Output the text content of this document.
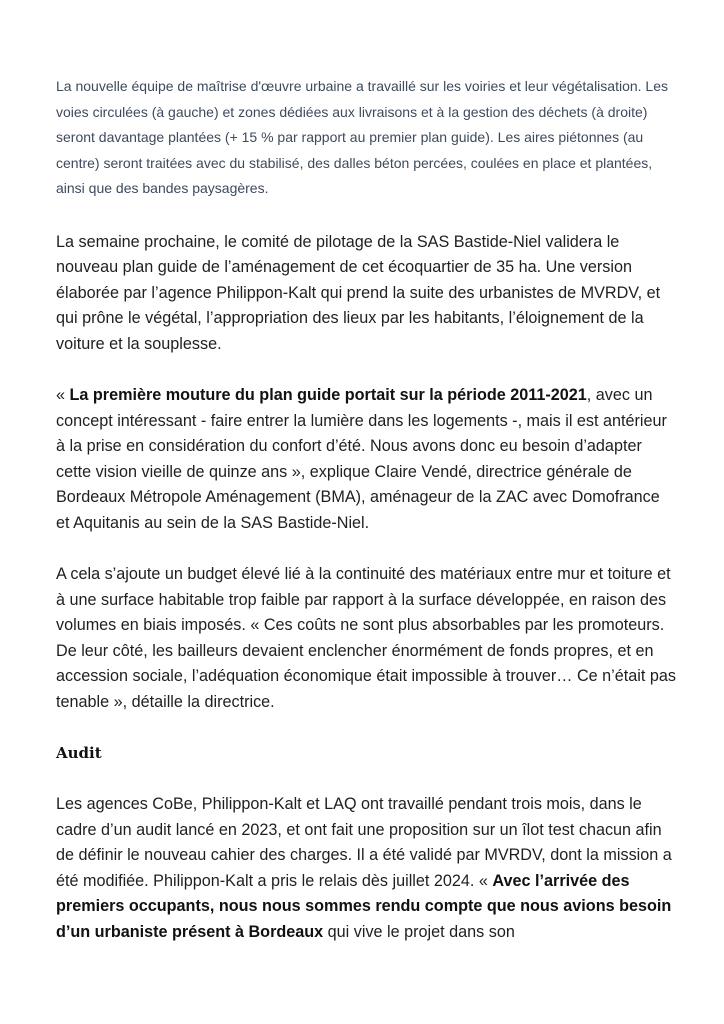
La nouvelle équipe de maîtrise d'œuvre urbaine a travaillé sur les voiries et leur végétalisation. Les voies circulées (à gauche) et zones dédiées aux livraisons et à la gestion des déchets (à droite) seront davantage plantées (+ 15 % par rapport au premier plan guide). Les aires piétonnes (au centre) seront traitées avec du stabilisé, des dalles béton percées, coulées en place et plantées, ainsi que des bandes paysagères.

La semaine prochaine, le comité de pilotage de la SAS Bastide-Niel validera le nouveau plan guide de l’aménagement de cet écoquartier de 35 ha. Une version élaborée par l’agence Philippon-Kalt qui prend la suite des urbanistes de MVRDV, et qui prône le végétal, l’appropriation des lieux par les habitants, l’éloignement de la voiture et la souplesse.

« La première mouture du plan guide portait sur la période 2011-2021, avec un concept intéressant - faire entrer la lumière dans les logements -, mais il est antérieur à la prise en considération du confort d’été. Nous avons donc eu besoin d’adapter cette vision vieille de quinze ans », explique Claire Vendé, directrice générale de Bordeaux Métropole Aménagement (BMA), aménageur de la ZAC avec Domofrance et Aquitanis au sein de la SAS Bastide-Niel.

A cela s’ajoute un budget élevé lié à la continuité des matériaux entre mur et toiture et à une surface habitable trop faible par rapport à la surface développée, en raison des volumes en biais imposés. « Ces coûts ne sont plus absorbables par les promoteurs. De leur côté, les bailleurs devaient enclencher énormément de fonds propres, et en accession sociale, l’adéquation économique était impossible à trouver… Ce n’était pas tenable », détaille la directrice.

Audit

Les agences CoBe, Philippon-Kalt et LAQ ont travaillé pendant trois mois, dans le cadre d’un audit lancé en 2023, et ont fait une proposition sur un îlot test chacun afin de définir le nouveau cahier des charges. Il a été validé par MVRDV, dont la mission a été modifiée. Philippon-Kalt a pris le relais dès juillet 2024. « Avec l’arrivée des premiers occupants, nous nous sommes rendu compte que nous avions besoin d’un urbaniste présent à Bordeaux qui vive le projet dans son
